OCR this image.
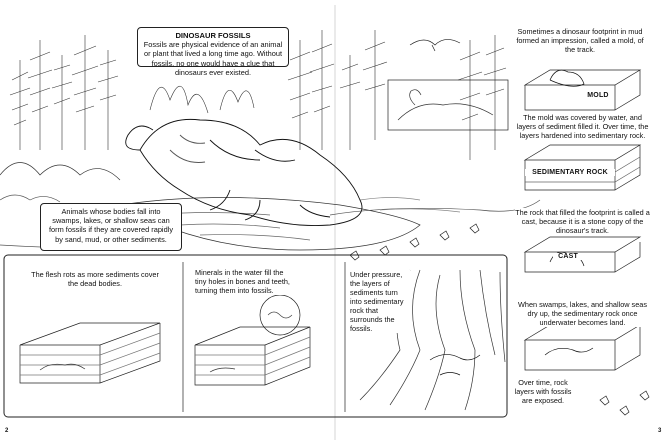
DINOSAUR FOSSILS
Fossils are physical evidence of an animal or plant that lived a long time ago. Without fossils, no one would have a clue that dinosaurs ever existed.
Animals whose bodies fall into swamps, lakes, or shallow seas can form fossils if they are covered rapidly by sand, mud, or other sediments.
The flesh rots as more sediments cover the dead bodies.
Minerals in the water fill the tiny holes in bones and teeth, turning them into fossils.
Under pressure, the layers of sediments turn into sedimentary rock that surrounds the fossils.
Sometimes a dinosaur footprint in mud formed an impression, called a mold, of the track.
MOLD
The mold was covered by water, and layers of sediment filled it. Over time, the layers hardened into sedimentary rock.
SEDIMENTARY ROCK
The rock that filled the footprint is called a cast, because it is a stone copy of the dinosaur's track.
CAST
When swamps, lakes, and shallow seas dry up, the sedimentary rock once underwater becomes land.
Over time, rock layers with fossils are exposed.
2	3
